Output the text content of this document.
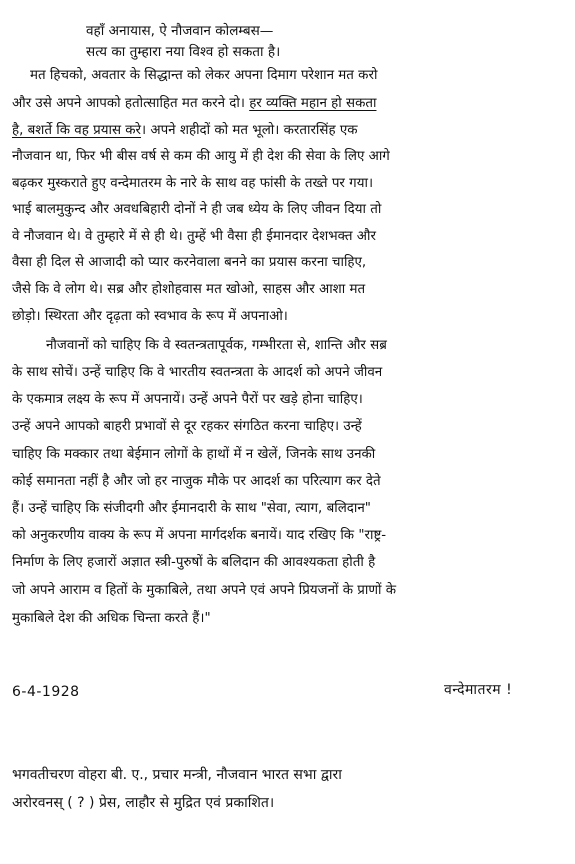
वहाँ अनायास, ऐ नौजवान कोलम्बस—
सत्य का तुम्हारा नया विश्व हो सकता है।
मत हिचको, अवतार के सिद्धान्त को लेकर अपना दिमाग परेशान मत करो
और उसे अपने आपको हतोत्साहित मत करने दो। हर व्यक्ति महान हो सकता
है, बशर्ते कि वह प्रयास करे। अपने शहीदों को मत भूलो। करतारसिंह एक
नौजवान था, फिर भी बीस वर्ष से कम की आयु में ही देश की सेवा के लिए आगे
बढ़कर मुस्कराते हुए वन्देमातरम के नारे के साथ वह फांसी के तख्ते पर गया।
भाई बालमुकुन्द और अवधबिहारी दोनों ने ही जब ध्येय के लिए जीवन दिया तो
वे नौजवान थे। वे तुम्हारे में से ही थे। तुम्हें भी वैसा ही ईमानदार देशभक्त और
वैसा ही दिल से आजादी को प्यार करनेवाला बनने का प्रयास करना चाहिए,
जैसे कि वे लोग थे। सब्र और होशोहवास मत खोओ, साहस और आशा मत
छोड़ो। स्थिरता और दृढ़ता को स्वभाव के रूप में अपनाओ।
नौजवानों को चाहिए कि वे स्वतन्त्रतापूर्वक, गम्भीरता से, शान्ति और सब्र
के साथ सोचें। उन्हें चाहिए कि वे भारतीय स्वतन्त्रता के आदर्श को अपने जीवन
के एकमात्र लक्ष्य के रूप में अपनायें। उन्हें अपने पैरों पर खड़े होना चाहिए।
उन्हें अपने आपको बाहरी प्रभावों से दूर रहकर संगठित करना चाहिए। उन्हें
चाहिए कि मक्कार तथा बेईमान लोगों के हाथों में न खेलें, जिनके साथ उनकी
कोई समानता नहीं है और जो हर नाजुक मौके पर आदर्श का परित्याग कर देते
हैं। उन्हें चाहिए कि संजीदगी और ईमानदारी के साथ "सेवा, त्याग, बलिदान"
को अनुकरणीय वाक्य के रूप में अपना मार्गदर्शक बनायें। याद रखिए कि "राष्ट्र-
निर्माण के लिए हजारों अज्ञात स्त्री-पुरुषों के बलिदान की आवश्यकता होती है
जो अपने आराम व हितों के मुकाबिले, तथा अपने एवं अपने प्रियजनों के प्राणों के
मुकाबिले देश की अधिक चिन्ता करते हैं।"
6-4-1928	वन्देमातरम !
भगवतीचरण वोहरा बी. ए., प्रचार मन्त्री, नौजवान भारत सभा द्वारा
अरोरवनस् ( ? ) प्रेस, लाहौर से मुद्रित एवं प्रकाशित।
